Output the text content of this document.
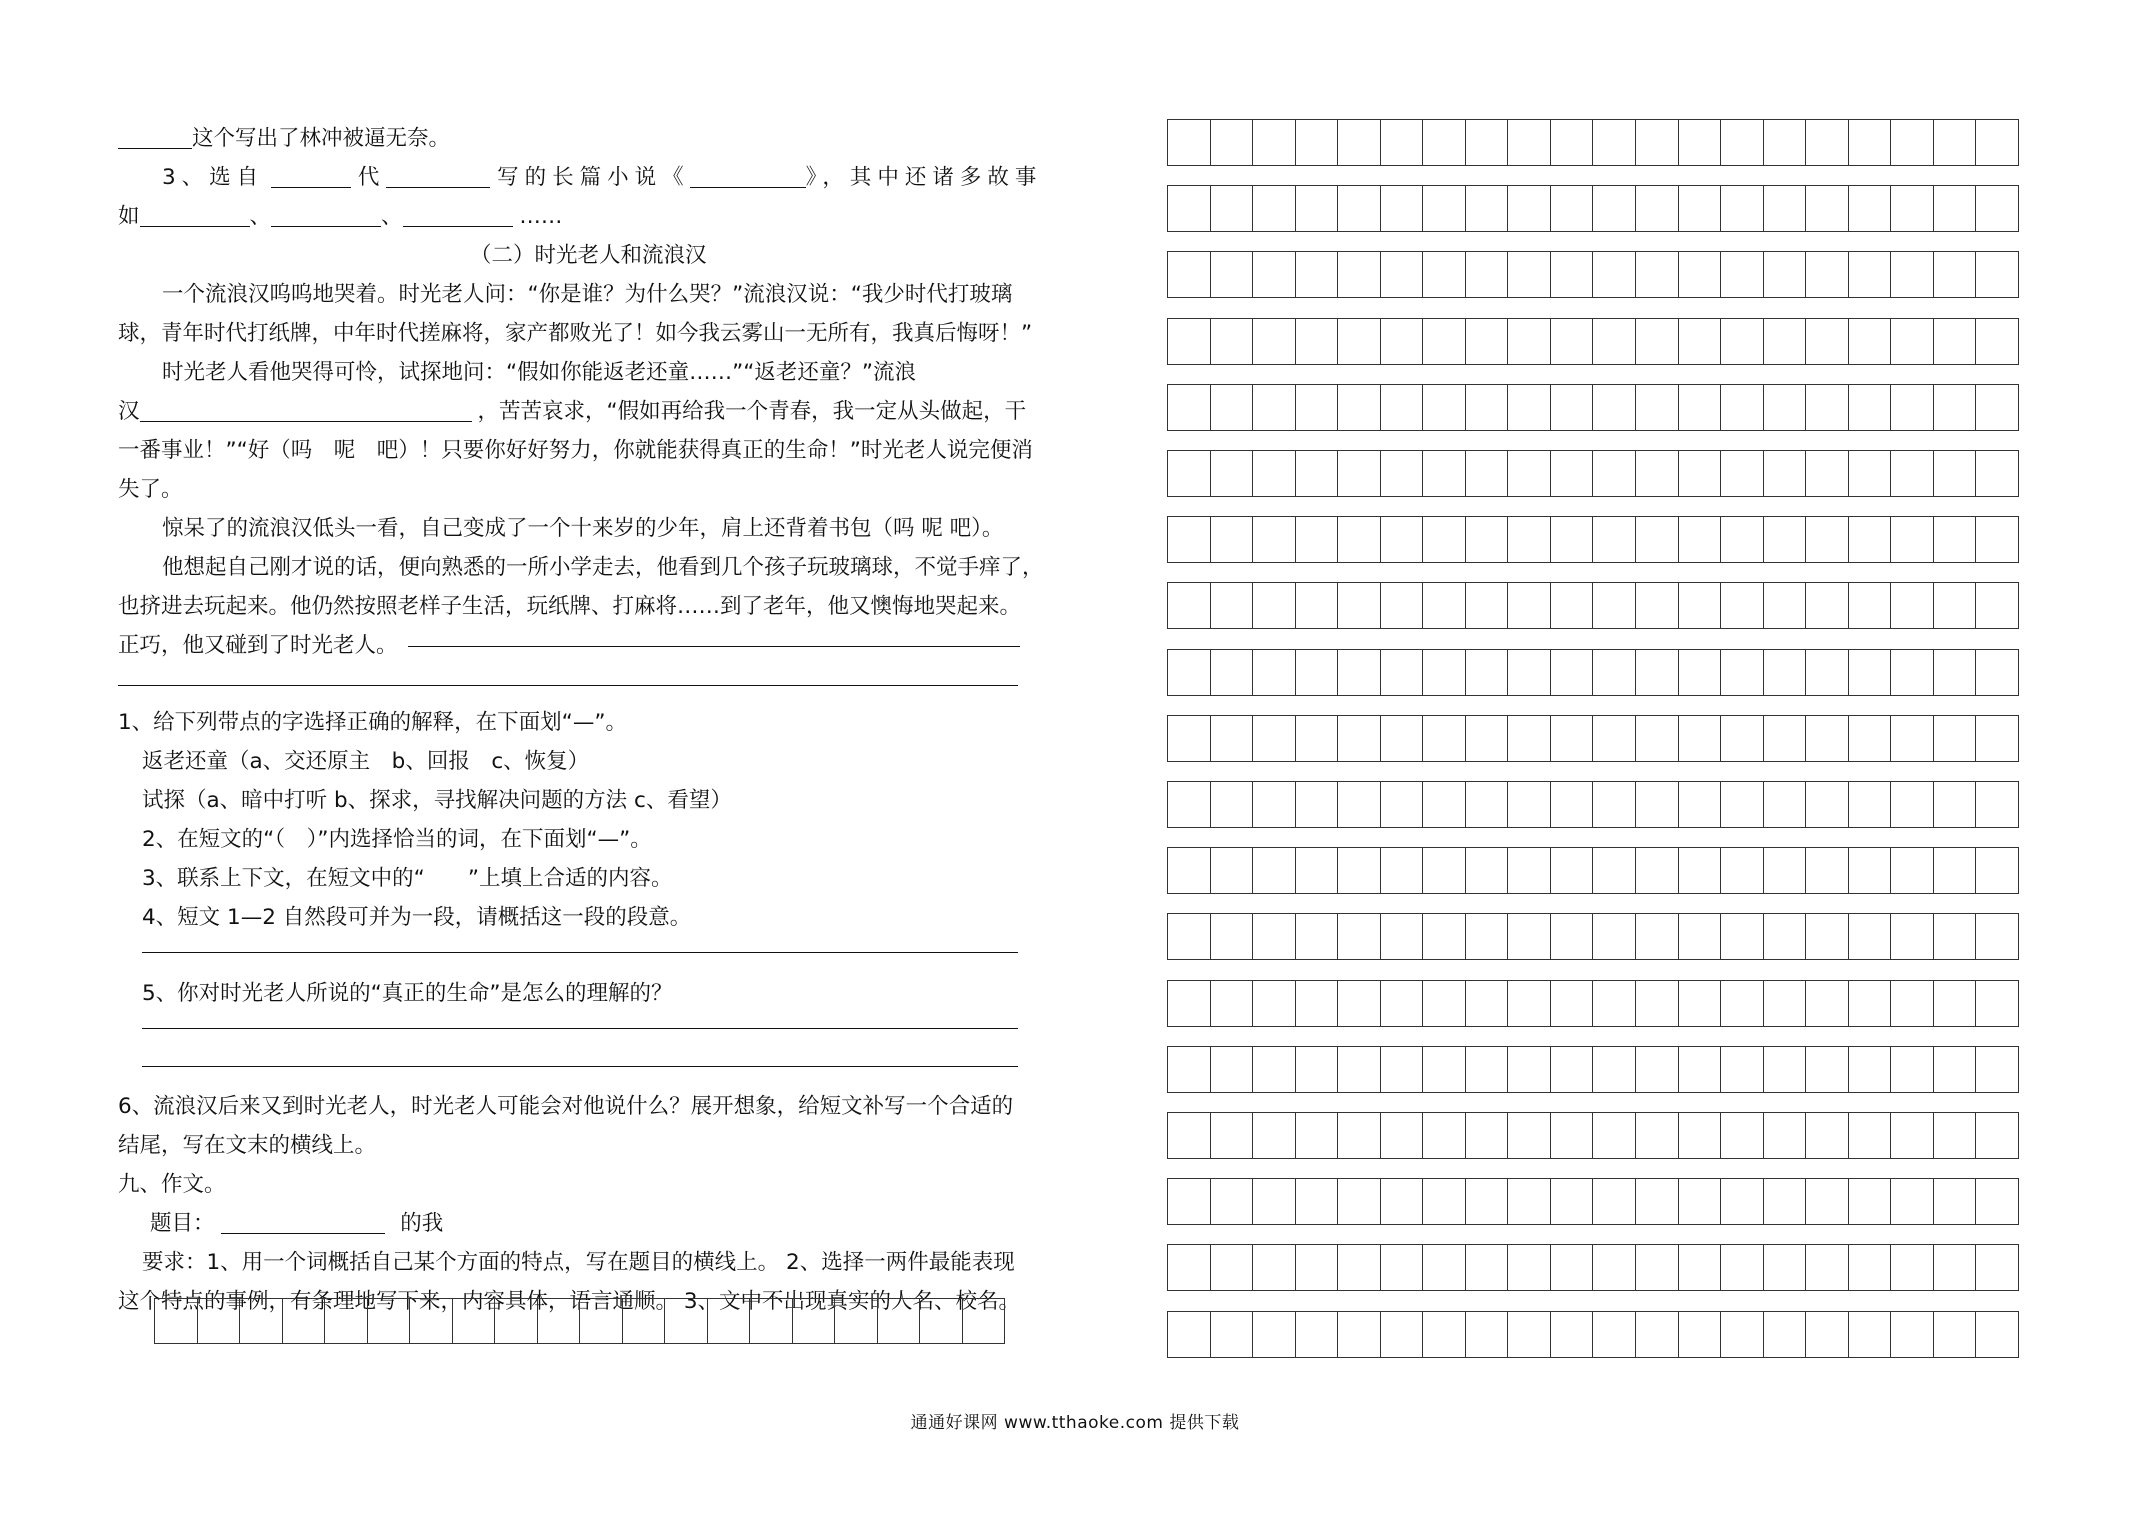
这个写出了林冲被逼无奈。
3、选自	代	写的长篇小说《	》，其中还诸多故事
如	、	、	……
（二）时光老人和流浪汉
一个流浪汉呜呜地哭着。时光老人问：“你是谁？为什么哭？”流浪汉说：“我少时代打玻璃
球，青年时代打纸牌，中年时代搓麻将，家产都败光了！如今我云雾山一无所有，我真后悔呀！”
时光老人看他哭得可怜，试探地问：“假如你能返老还童……”“返老还童？”流浪
汉	，苦苦哀求，“假如再给我一个青春，我一定从头做起，干
一番事业！”“好（吗　呢　吧）！只要你好好努力，你就能获得真正的生命！”时光老人说完便消
失了。
惊呆了的流浪汉低头一看，自己变成了一个十来岁的少年，肩上还背着书包（吗 呢 吧）。
他想起自己刚才说的话，便向熟悉的一所小学走去，他看到几个孩子玩玻璃球，不觉手痒了，
也挤进去玩起来。他仍然按照老样子生活，玩纸牌、打麻将……到了老年，他又懊悔地哭起来。
正巧，他又碰到了时光老人。
1、给下列带点的字选择正确的解释，在下面划“—”。
返老还童（a、交还原主　b、回报　c、恢复）
试探（a、暗中打听 b、探求，寻找解决问题的方法 c、看望）
2、在短文的“（　）”内选择恰当的词，在下面划“—”。
3、联系上下文，在短文中的“　　”上填上合适的内容。
4、短文 1—2 自然段可并为一段，请概括这一段的段意。
5、你对时光老人所说的“真正的生命”是怎么的理解的？
6、流浪汉后来又到时光老人，时光老人可能会对他说什么？展开想象，给短文补写一个合适的
结尾，写在文末的横线上。
九、作文。
题目：	的我
要求：1、用一个词概括自己某个方面的特点，写在题目的横线上。 2、选择一两件最能表现
这个特点的事例，有条理地写下来，内容具体，语言通顺。 3、文中不出现真实的人名、校名。
通通好课网 www.tthaoke.com 提供下载
